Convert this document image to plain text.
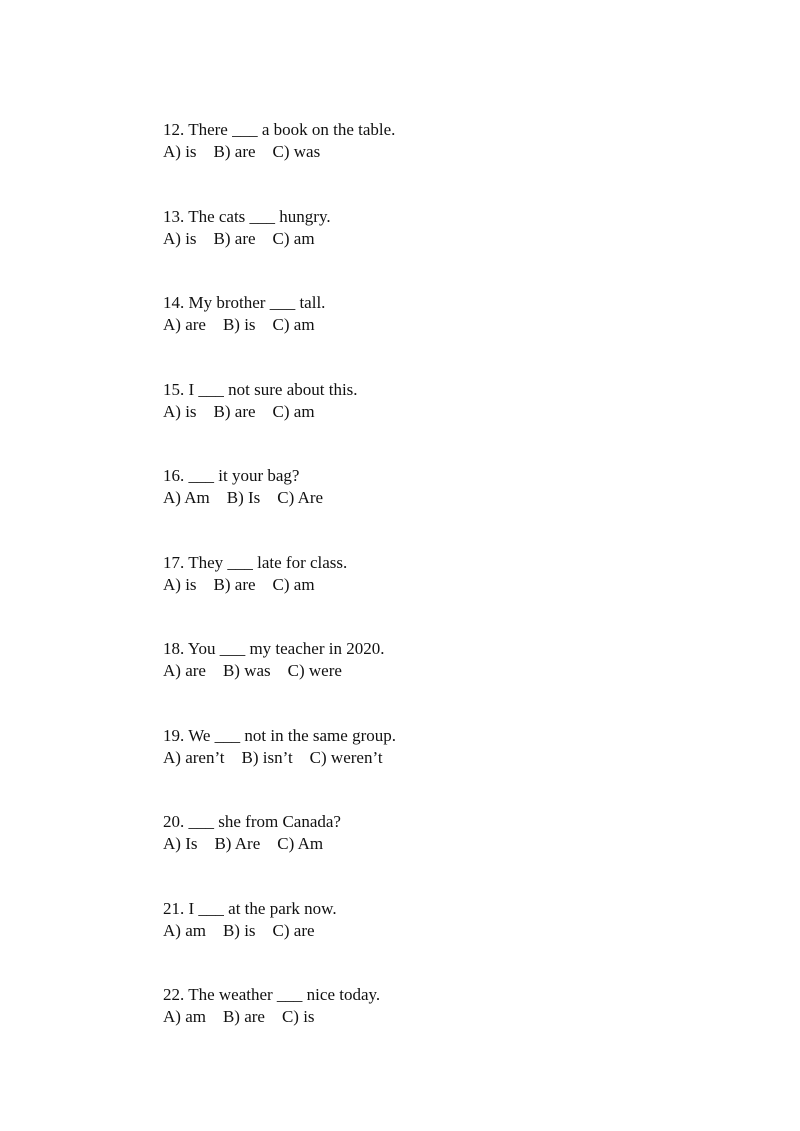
12. There ___ a book on the table.
A) is    B) are    C) was
13. The cats ___ hungry.
A) is    B) are    C) am
14. My brother ___ tall.
A) are    B) is    C) am
15. I ___ not sure about this.
A) is    B) are    C) am
16. ___ it your bag?
A) Am    B) Is    C) Are
17. They ___ late for class.
A) is    B) are    C) am
18. You ___ my teacher in 2020.
A) are    B) was    C) were
19. We ___ not in the same group.
A) aren’t    B) isn’t    C) weren’t
20. ___ she from Canada?
A) Is    B) Are    C) Am
21. I ___ at the park now.
A) am    B) is    C) are
22. The weather ___ nice today.
A) am    B) are    C) is
